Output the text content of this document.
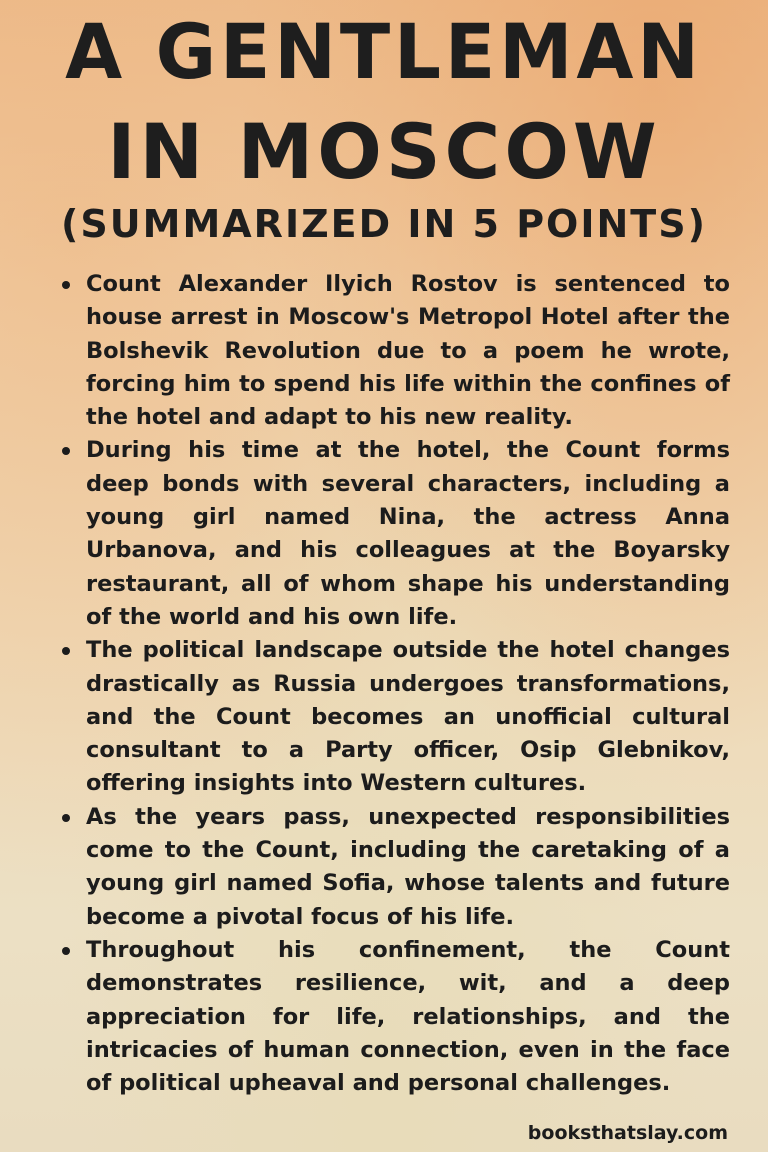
A GENTLEMAN
IN MOSCOW
(SUMMARIZED IN 5 POINTS)
Count Alexander Ilyich Rostov is sentenced to house arrest in Moscow's Metropol Hotel after the Bolshevik Revolution due to a poem he wrote, forcing him to spend his life within the confines of the hotel and adapt to his new reality.
During his time at the hotel, the Count forms deep bonds with several characters, including a young girl named Nina, the actress Anna Urbanova, and his colleagues at the Boyarsky restaurant, all of whom shape his understanding of the world and his own life.
The political landscape outside the hotel changes drastically as Russia undergoes transformations, and the Count becomes an unofficial cultural consultant to a Party officer, Osip Glebnikov, offering insights into Western cultures.
As the years pass, unexpected responsibilities come to the Count, including the caretaking of a young girl named Sofia, whose talents and future become a pivotal focus of his life.
Throughout his confinement, the Count demonstrates resilience, wit, and a deep appreciation for life, relationships, and the intricacies of human connection, even in the face of political upheaval and personal challenges.
booksthatslay.com
